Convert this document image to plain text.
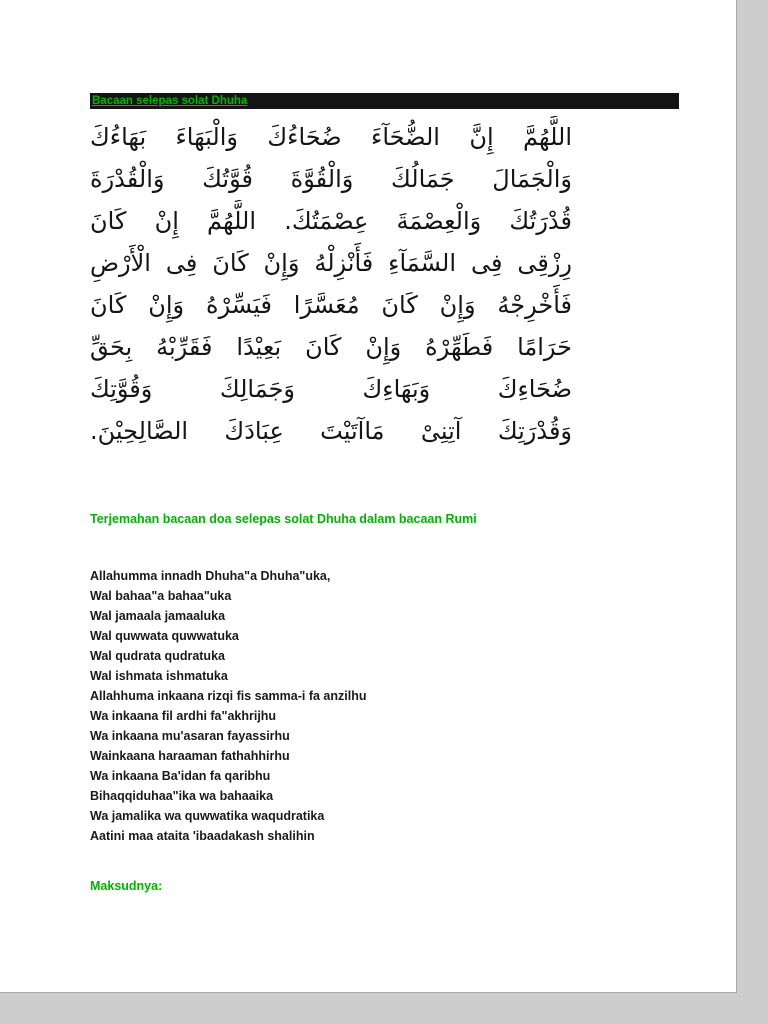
Bacaan selepas solat Dhuha
اللَّهُمَّ إِنَّ الضُّحَآءَ ضُحَاءُكَ وَالْبَهَاءَ بَهَاءُكَ
وَالْجَمَالَ جَمَالُكَ وَالْقُوَّةَ قُوَّتُكَ وَالْقُدْرَةَ
قُدْرَتُكَ وَالْعِصْمَةَ عِصْمَتُكَ. اللَّهُمَّ إِنْ كَانَ
رِزْقِى فِى السَّمَآءِ فَأَنْزِلْهُ وَإِنْ كَانَ فِى الْأَرْضِ
فَأَخْرِجْهُ وَإِنْ كَانَ مُعَسَّرًا فَيَسِّرْهُ وَإِنْ كَانَ
حَرَامًا فَطَهِّرْهُ وَإِنْ كَانَ بَعِيْدًا فَقَرِّبْهُ بِحَقِّ
ضُحَاءِكَ وَبَهَاءِكَ وَجَمَالِكَ وَقُوَّتِكَ
وَقُدْرَتِكَ آتِنِىْ مَاآتَيْتَ عِبَادَكَ الصَّالِحِيْنَ.
Terjemahan bacaan doa selepas solat Dhuha dalam bacaan Rumi
Allahumma innadh Dhuha"a Dhuha"uka,
Wal bahaa"a bahaa"uka
Wal jamaala jamaaluka
Wal quwwata quwwatuka
Wal qudrata qudratuka
Wal ishmata ishmatuka
Allahhuma inkaana rizqi fis samma-i fa anzilhu
Wa inkaana fil ardhi fa"akhrijhu
Wa inkaana mu'asaran fayassirhu
Wainkaana haraaman fathahhirhu
Wa inkaana Ba'idan fa qaribhu
Bihaqqiduhaa"ika wa bahaaika
Wa jamalika wa quwwatika waqudratika
Aatini maa ataita 'ibaadakash shalihin
Maksudnya:
